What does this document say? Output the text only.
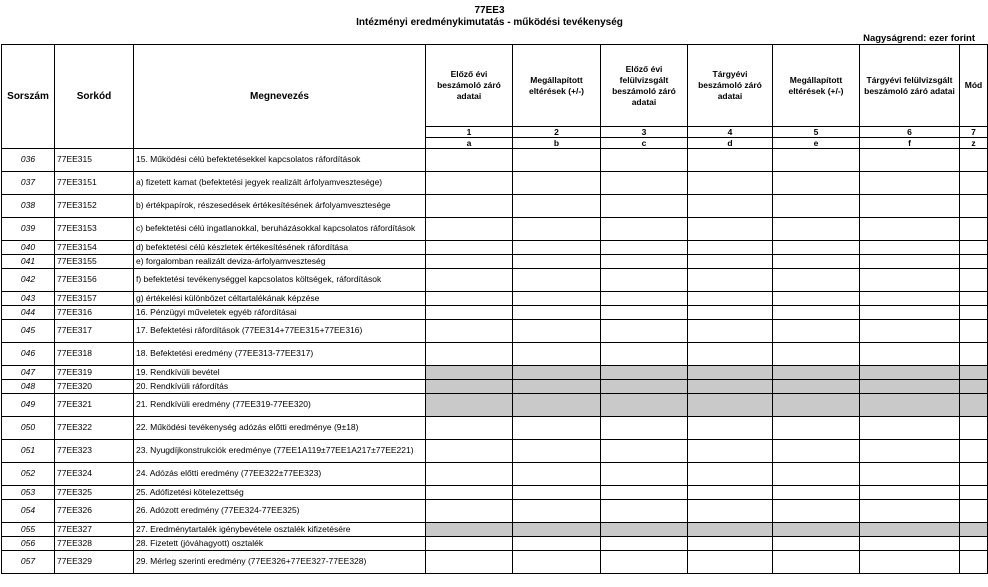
77EE3
Intézményi eredménykimutatás - működési tevékenység
Nagyságrend: ezer forint
Sorszám	Sorkód	Megnevezés	Előző évi beszámoló záró adatai	Megállapított eltérések (+/-)	Előző évi felülvizsgált beszámoló záró adatai	Tárgyévi beszámoló záró adatai	Megállapított eltérések (+/-)	Tárgyévi felülvizsgált beszámoló záró adatai	Mód
			1	2	3	4	5	6	7
			a	b	c	d	e	f	z
036	77EE315	15. Működési célú befektetésekkel kapcsolatos ráfordítások							
037	77EE3151	a) fizetett kamat (befektetési jegyek realizált árfolyamvesztesége)							
038	77EE3152	b) értékpapírok, részesedések értékesítésének árfolyamvesztesége							
039	77EE3153	c) befektetési célú ingatlanokkal, beruházásokkal kapcsolatos ráfordítások							
040	77EE3154	d) befektetési célú készletek értékesítésének ráfordítása							
041	77EE3155	e) forgalomban realizált deviza-árfolyamveszteség							
042	77EE3156	f) befektetési tevékenységgel kapcsolatos költségek, ráfordítások							
043	77EE3157	g) értékelési különbözet céltartalékának képzése							
044	77EE316	16. Pénzügyi műveletek egyéb ráfordításai							
045	77EE317	17. Befektetési ráfordítások (77EE314+77EE315+77EE316)							
046	77EE318	18. Befektetési eredmény (77EE313-77EE317)							
047	77EE319	19. Rendkívüli bevétel							
048	77EE320	20. Rendkívüli ráfordítás							
049	77EE321	21. Rendkívüli eredmény (77EE319-77EE320)							
050	77EE322	22. Működési tevékenység adózás előtti eredménye (9±18)							
051	77EE323	23. Nyugdíjkonstrukciók eredménye (77EE1A119±77EE1A217±77EE221)							
052	77EE324	24. Adózás előtti eredmény (77EE322±77EE323)							
053	77EE325	25. Adófizetési kötelezettség							
054	77EE326	26. Adózott eredmény (77EE324-77EE325)							
055	77EE327	27. Eredménytartalék igénybevétele osztalék kifizetésére							
056	77EE328	28. Fizetett (jóváhagyott) osztalék							
057	77EE329	29. Mérleg szerinti eredmény (77EE326+77EE327-77EE328)							
